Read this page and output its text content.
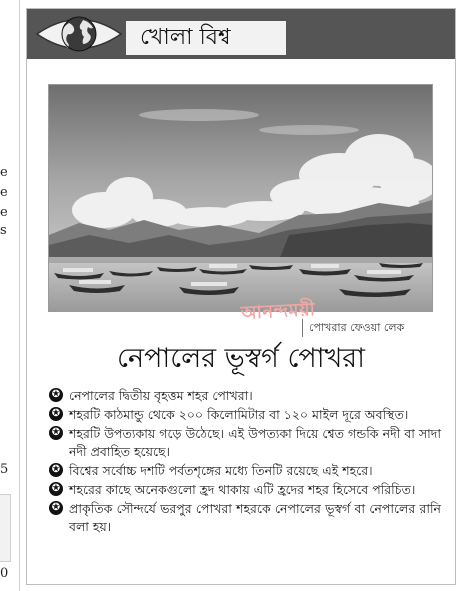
e
e
e
s
5
0
খোলা বিশ্ব
আনন্দময়ী
পোখরার ফেওয়া লেক
নেপালের ভূস্বর্গ পোখরা
✪ নেপালের দ্বিতীয় বৃহত্তম শহর পোখরা।
✪ শহরটি কাঠমান্ডু থেকে ২০০ কিলোমিটার বা ১২০ মাইল দূরে অবস্থিত।
✪ শহরটি উপত্যকায় গড়ে উঠেছে। এই উপত্যকা দিয়ে শ্বেত গন্ডকি নদী বা সাদা নদী প্রবাহিত হয়েছে।
✪ বিশ্বের সর্বোচ্চ দশটি পর্বতশৃঙ্গের মধ্যে তিনটি রয়েছে এই শহরে।
✪ শহরের কাছে অনেকগুলো হ্রদ থাকায় এটি হ্রদের শহর হিসেবে পরিচিত।
✪ প্রাকৃতিক সৌন্দর্যে ভরপুর পোখরা শহরকে নেপালের ভূস্বর্গ বা নেপালের রানি বলা হয়।
